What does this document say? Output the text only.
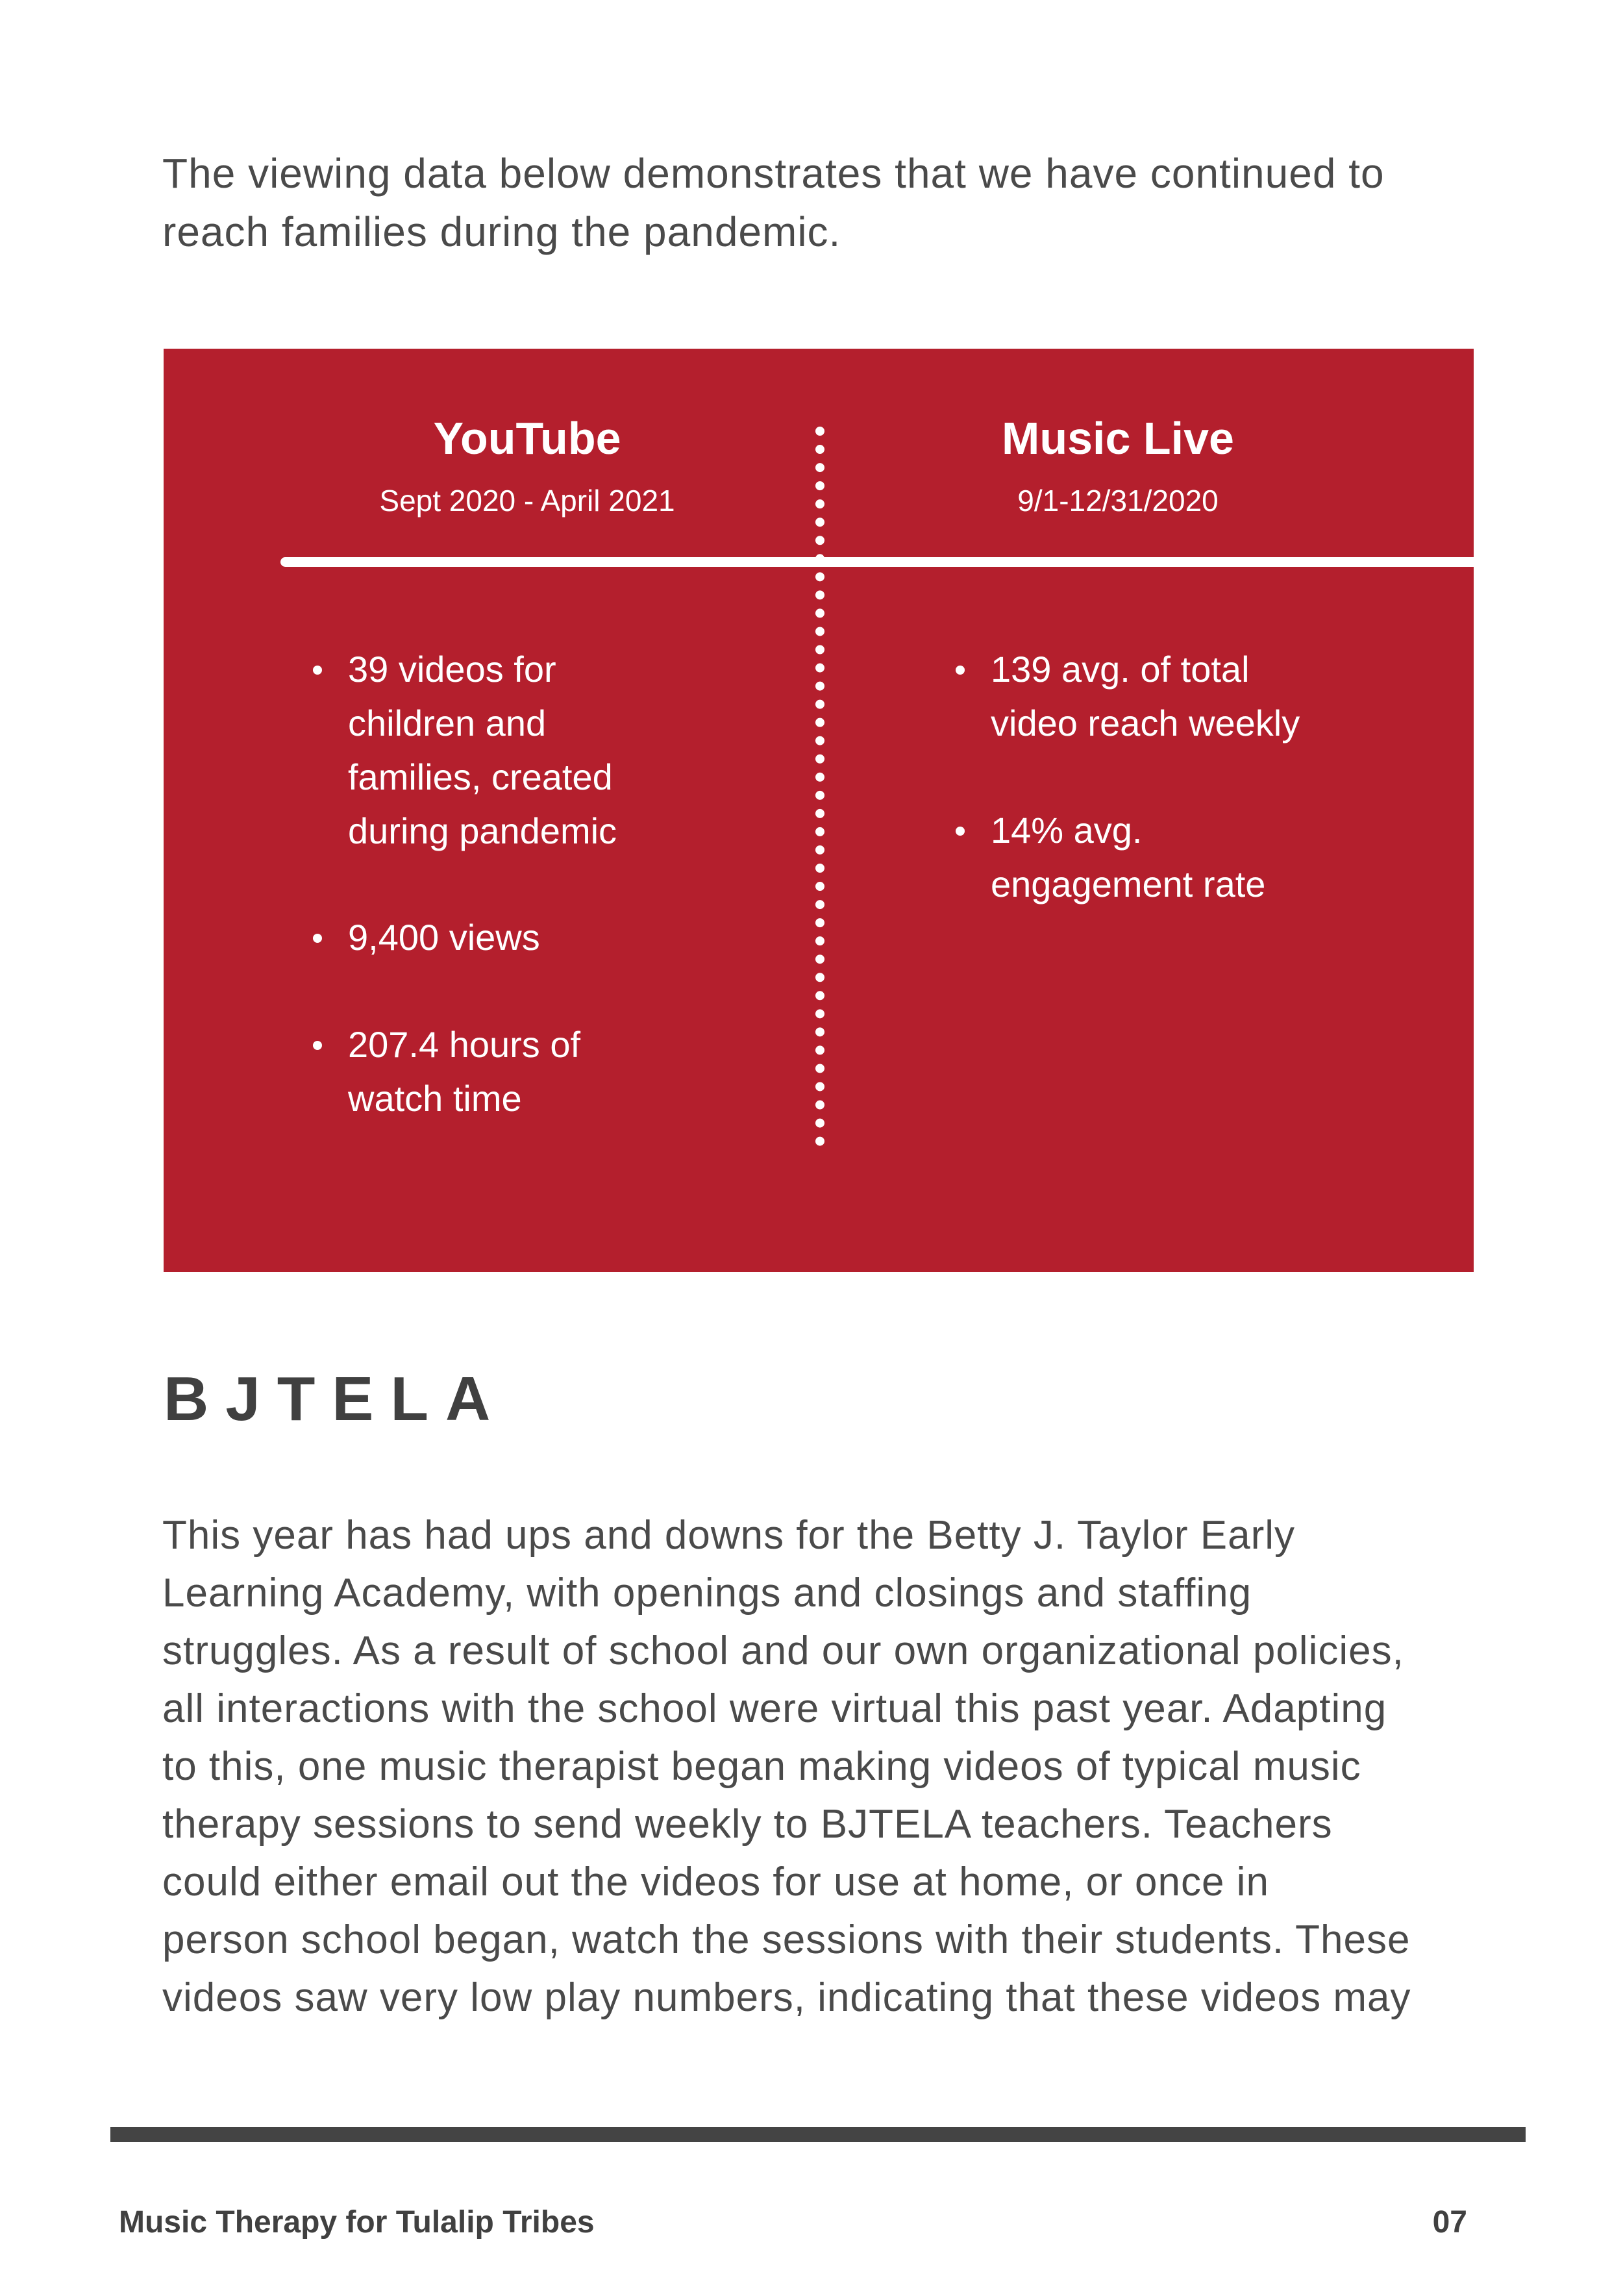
The viewing data below demonstrates that we have continued to
reach families during the pandemic.

YouTube
Sept 2020 - April 2021
Music Live
9/1-12/31/2020
39 videos for
children and
families, created
during pandemic
9,400 views
207.4 hours of
watch time
139 avg. of total
video reach weekly
14% avg.
engagement rate
BJTELA

This year has had ups and downs for the Betty J. Taylor Early
Learning Academy, with openings and closings and staffing
struggles. As a result of school and our own organizational policies,
all interactions with the school were virtual this past year. Adapting
to this, one music therapist began making videos of typical music
therapy sessions to send weekly to BJTELA teachers. Teachers
could either email out the videos for use at home, or once in
person school began, watch the sessions with their students. These
videos saw very low play numbers, indicating that these videos may

Music Therapy for Tulalip Tribes	07
